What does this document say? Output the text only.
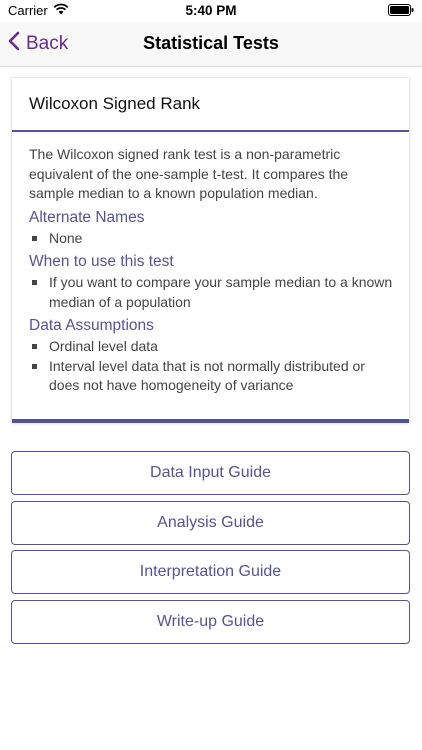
Carrier	5:40 PM
Back	Statistical Tests
Wilcoxon Signed Rank

The Wilcoxon signed rank test is a non-parametric equivalent of the one-sample t-test. It compares the sample median to a known population median.

Alternate Names
None
When to use this test
If you want to compare your sample median to a known median of a population
Data Assumptions
Ordinal level data
Interval level data that is not normally distributed or does not have homogeneity of variance
Data Input Guide
Analysis Guide
Interpretation Guide
Write-up Guide
